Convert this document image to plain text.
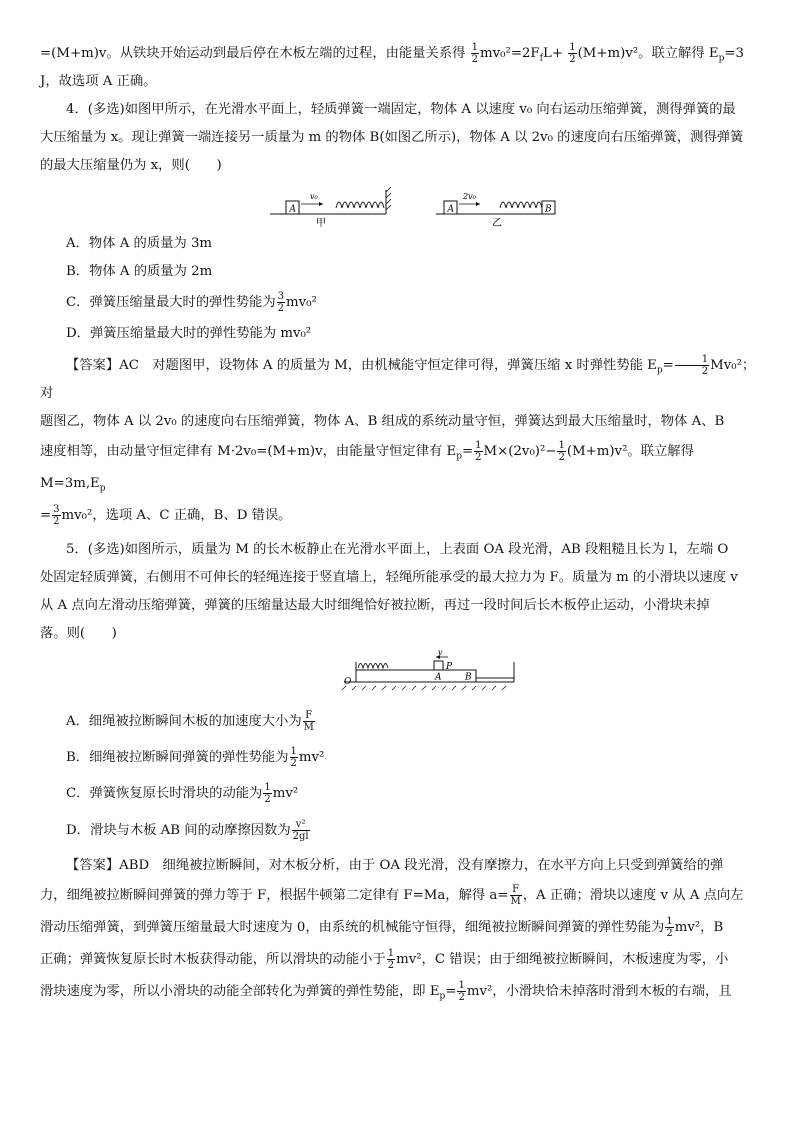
=(M+m)v。从铁块开始运动到最后停在木板左端的过程，由能量关系得 $\frac{1}{2} mv_0^2=2F_fL+ \frac{1}{2} (M+m)v^2$。联立解得 $E_p=3$

J，故选项 A 正确。

4．(多选)如图甲所示，在光滑水平面上，轻质弹簧一端固定，物体 A 以速度 v₀ 向右运动压缩弹簧，测得弹簧的最

大压缩量为 x。现让弹簧一端连接另一质量为 m 的物体 B(如图乙所示)，物体 A 以 2v₀ 的速度向右压缩弹簧，测得弹簧

的最大压缩量仍为 x，则(　　)

A
v₀
甲
A
2v₀
B
乙

A．物体 A 的质量为 3m

B．物体 A 的质量为 2m

C．弹簧压缩量最大时的弹性势能为 $\frac{3}{2} mv_0^2$

D．弹簧压缩量最大时的弹性势能为 mv₀²

【答案】AC　对题图甲，设物体 A 的质量为 M，由机械能守恒定律可得，弹簧压缩 x 时弹性势能 $E_p= \frac{1}{2} Mv_0^2$；对

题图乙，物体 A 以 2v₀ 的速度向右压缩弹簧，物体 A、B 组成的系统动量守恒，弹簧达到最大压缩量时，物体 A、B

速度相等，由动量守恒定律有 M·2v₀=(M+m)v，由能量守恒定律有 $E_p= \frac{1}{2} M\times(2v_0)^2- \frac{1}{2} (M+m)v^2$。联立解得 $M=3m,E_p$

= $\frac{3}{2} mv_0^2$，选项 A、C 正确，B、D 错误。

5．(多选)如图所示，质量为 M 的长木板静止在光滑水平面上，上表面 OA 段光滑，AB 段粗糙且长为 l，左端 O

处固定轻质弹簧，右侧用不可伸长的轻绳连接于竖直墙上，轻绳所能承受的最大拉力为 F。质量为 m 的小滑块以速度 v

从 A 点向左滑动压缩弹簧，弹簧的压缩量达最大时细绳恰好被拉断，再过一段时间后长木板停止运动，小滑块未掉

落。则(　　)

O	A	B
P
v

A．细绳被拉断瞬间木板的加速度大小为 $\frac{F}{M}$

B．细绳被拉断瞬间弹簧的弹性势能为 $\frac{1}{2} mv^2$

C．弹簧恢复原长时滑块的动能为 $\frac{1}{2} mv^2$

D．滑块与木板 AB 间的动摩擦因数为 $\frac{\text{v²}}{2gl}$

【答案】ABD　细绳被拉断瞬间，对木板分析，由于 OA 段光滑，没有摩擦力，在水平方向上只受到弹簧给的弹

力，细绳被拉断瞬间弹簧的弹力等于 F，根据牛顿第二定律有 F=Ma，解得 $a= \frac{F}{M}$ ，A 正确；滑块以速度 v 从 A 点向左

滑动压缩弹簧，到弹簧压缩量最大时速度为 0，由系统的机械能守恒得，细绳被拉断瞬间弹簧的弹性势能为 $\frac{1}{2} mv^2$，B

正确；弹簧恢复原长时木板获得动能，所以滑块的动能小于 $\frac{1}{2} mv^2$，C 错误；由于细绳被拉断瞬间，木板速度为零，小

滑块速度为零，所以小滑块的动能全部转化为弹簧的弹性势能，即 $E_p= \frac{1}{2} mv^2$，小滑块恰未掉落时滑到木板的右端，且
